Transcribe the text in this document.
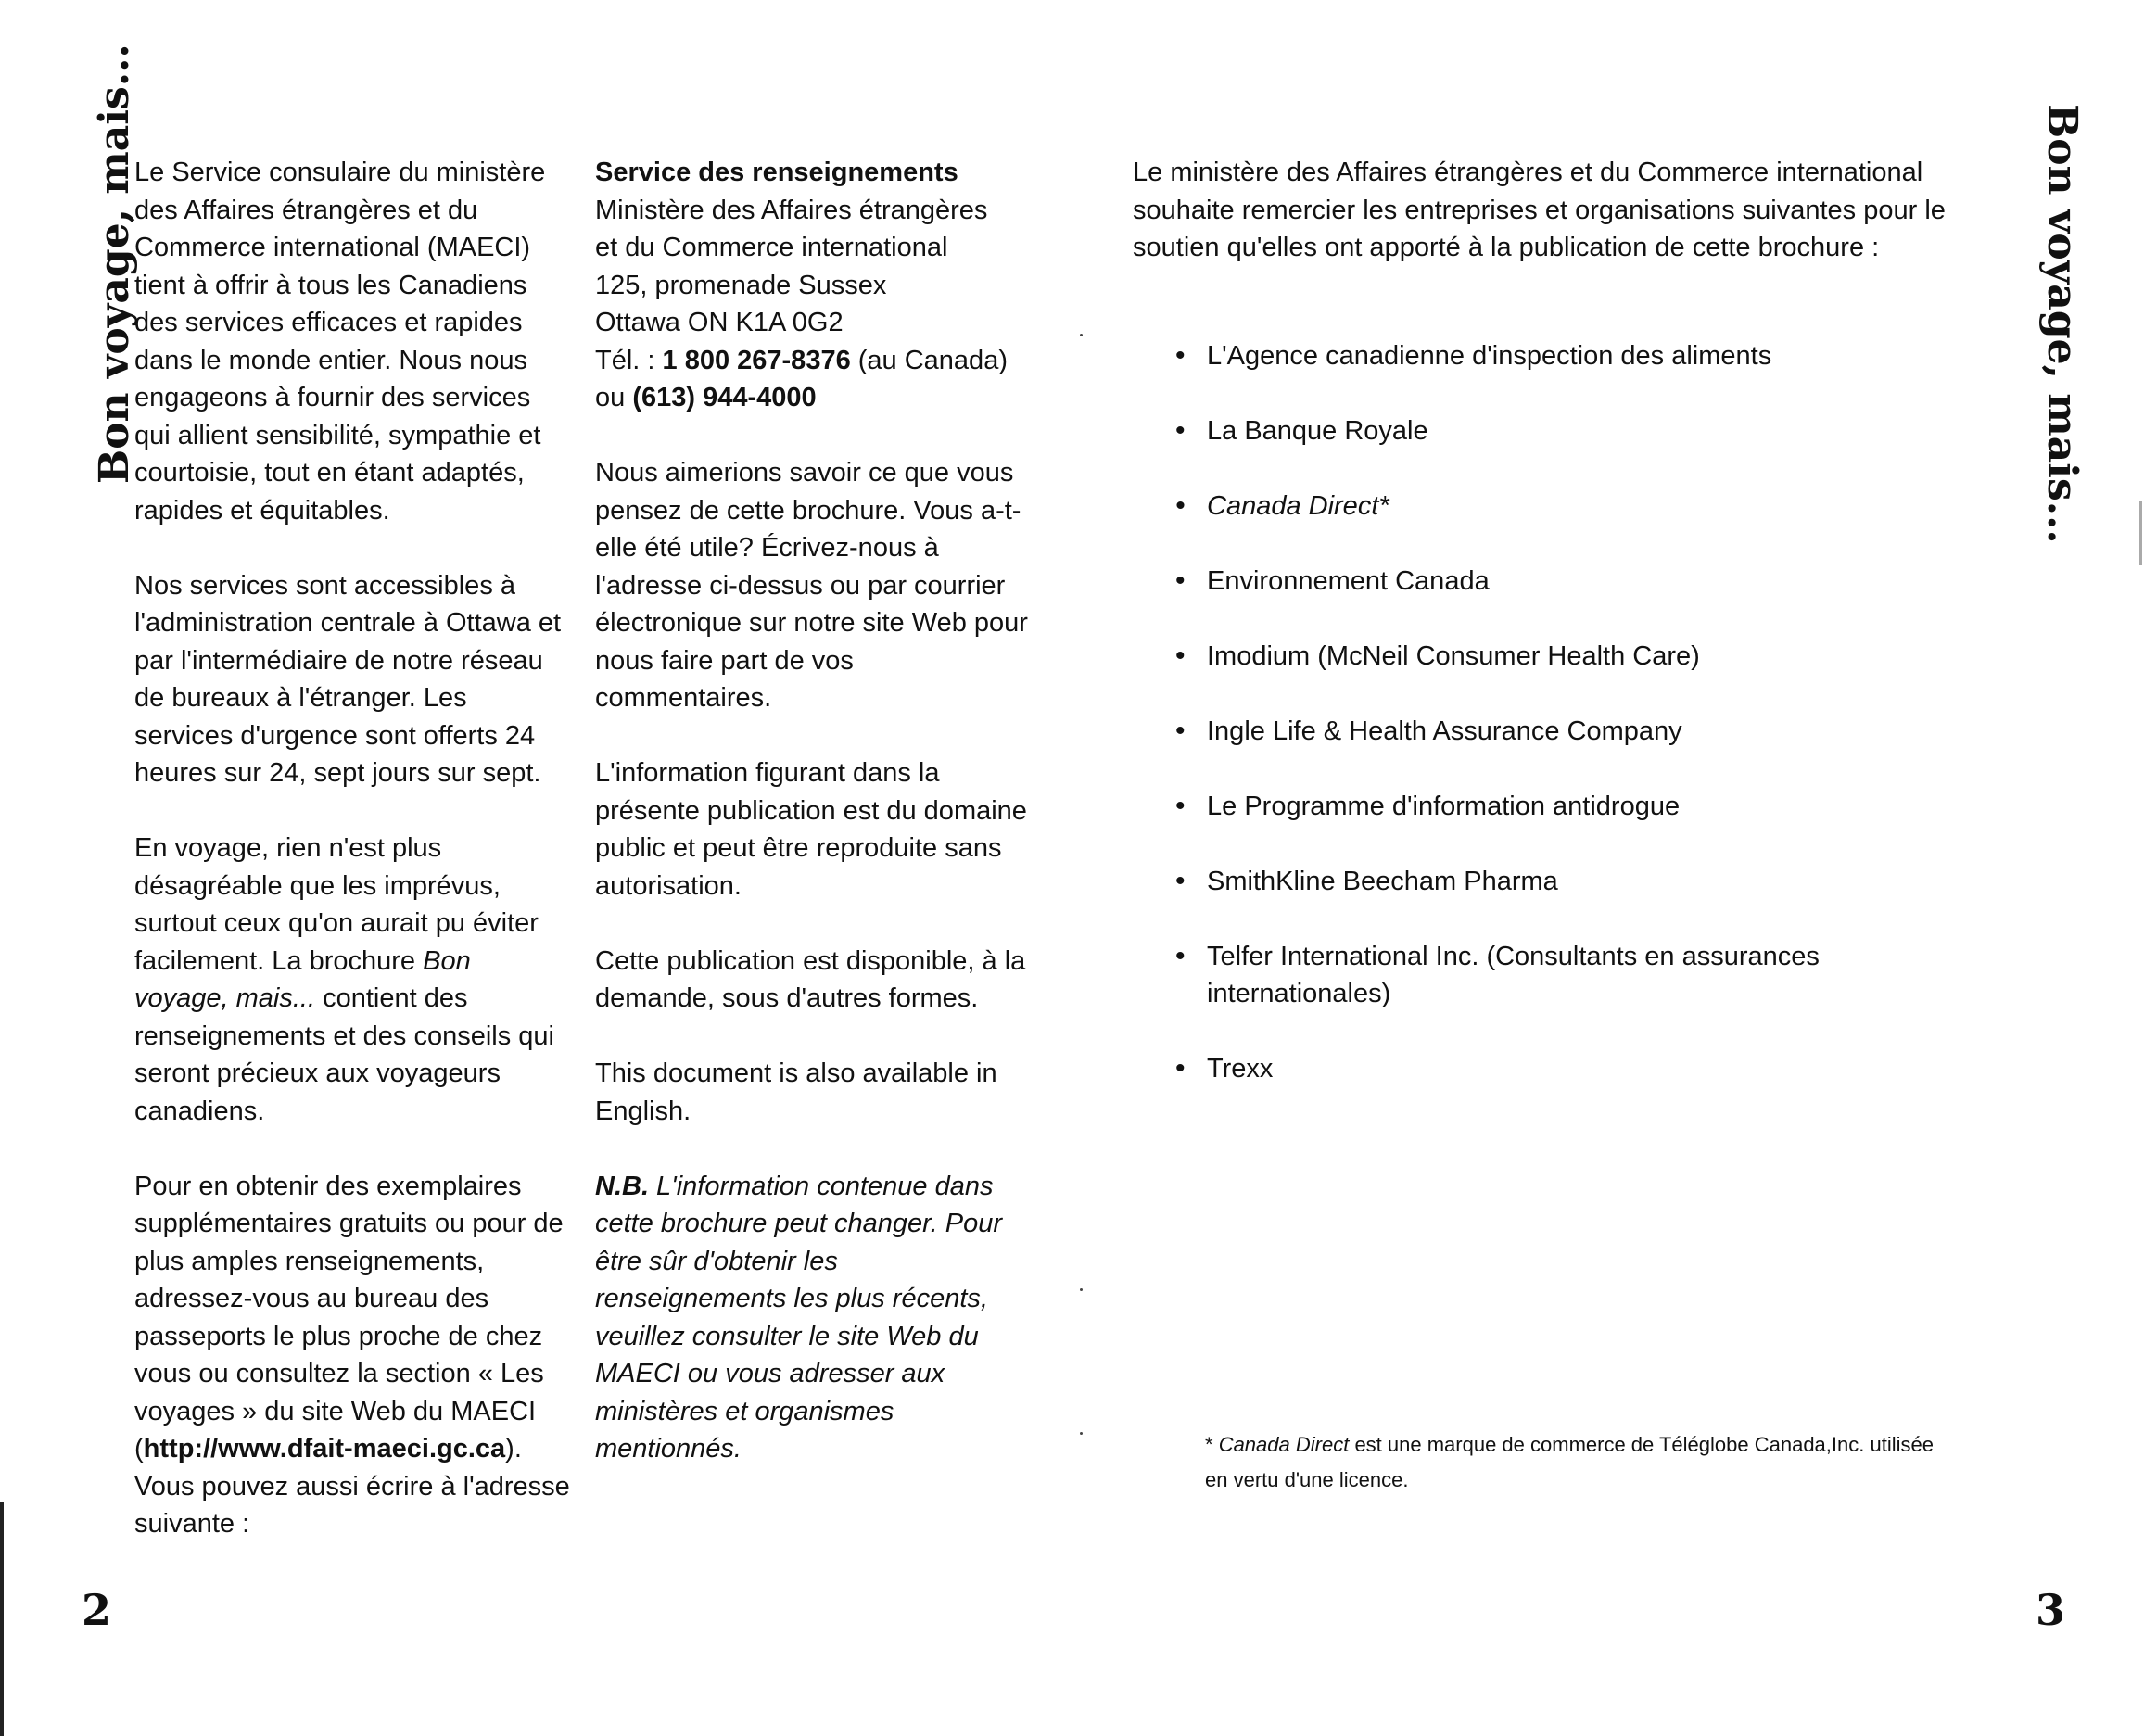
Bon voyage, mais...

Le Service consulaire du ministère des Affaires étrangères et du Commerce international (MAECI) tient à offrir à tous les Canadiens des services efficaces et rapides dans le monde entier. Nous nous engageons à fournir des services qui allient sensibilité, sympathie et courtoisie, tout en étant adaptés, rapides et équitables.

Nos services sont accessibles à l'administration centrale à Ottawa et par l'intermédiaire de notre réseau de bureaux à l'étranger. Les services d'urgence sont offerts 24 heures sur 24, sept jours sur sept.

En voyage, rien n'est plus désagréable que les imprévus, surtout ceux qu'on aurait pu éviter facilement. La brochure Bon voyage, mais... contient des renseignements et des conseils qui seront précieux aux voyageurs canadiens.

Pour en obtenir des exemplaires supplémentaires gratuits ou pour de plus amples renseignements, adressez-vous au bureau des passeports le plus proche de chez vous ou consultez la section « Les voyages » du site Web du MAECI (http://www.dfait-maeci.gc.ca). Vous pouvez aussi écrire à l'adresse suivante :

Service des renseignements
Ministère des Affaires étrangères
et du Commerce international
125, promenade Sussex
Ottawa ON K1A 0G2
Tél. : 1 800 267-8376 (au Canada)
ou (613) 944-4000

Nous aimerions savoir ce que vous pensez de cette brochure. Vous a-t-elle été utile? Écrivez-nous à l'adresse ci-dessus ou par courrier électronique sur notre site Web pour nous faire part de vos commentaires.

L'information figurant dans la présente publication est du domaine public et peut être reproduite sans autorisation.

Cette publication est disponible, à la demande, sous d'autres formes.

This document is also available in English.

N.B. L'information contenue dans cette brochure peut changer. Pour être sûr d'obtenir les renseignements les plus récents, veuillez consulter le site Web du MAECI ou vous adresser aux ministères et organismes mentionnés.

2
Bon voyage, mais...
Le ministère des Affaires étrangères et du Commerce international souhaite remercier les entreprises et organisations suivantes pour le soutien qu'elles ont apporté à la publication de cette brochure :
• L'Agence canadienne d'inspection des aliments
• La Banque Royale
• Canada Direct*
• Environnement Canada
• Imodium (McNeil Consumer Health Care)
• Ingle Life & Health Assurance Company
• Le Programme d'information antidrogue
• SmithKline Beecham Pharma
• Telfer International Inc. (Consultants en assurances internationales)
• Trexx
* Canada Direct est une marque de commerce de Téléglobe Canada,Inc. utilisée en vertu d'une licence.
3
